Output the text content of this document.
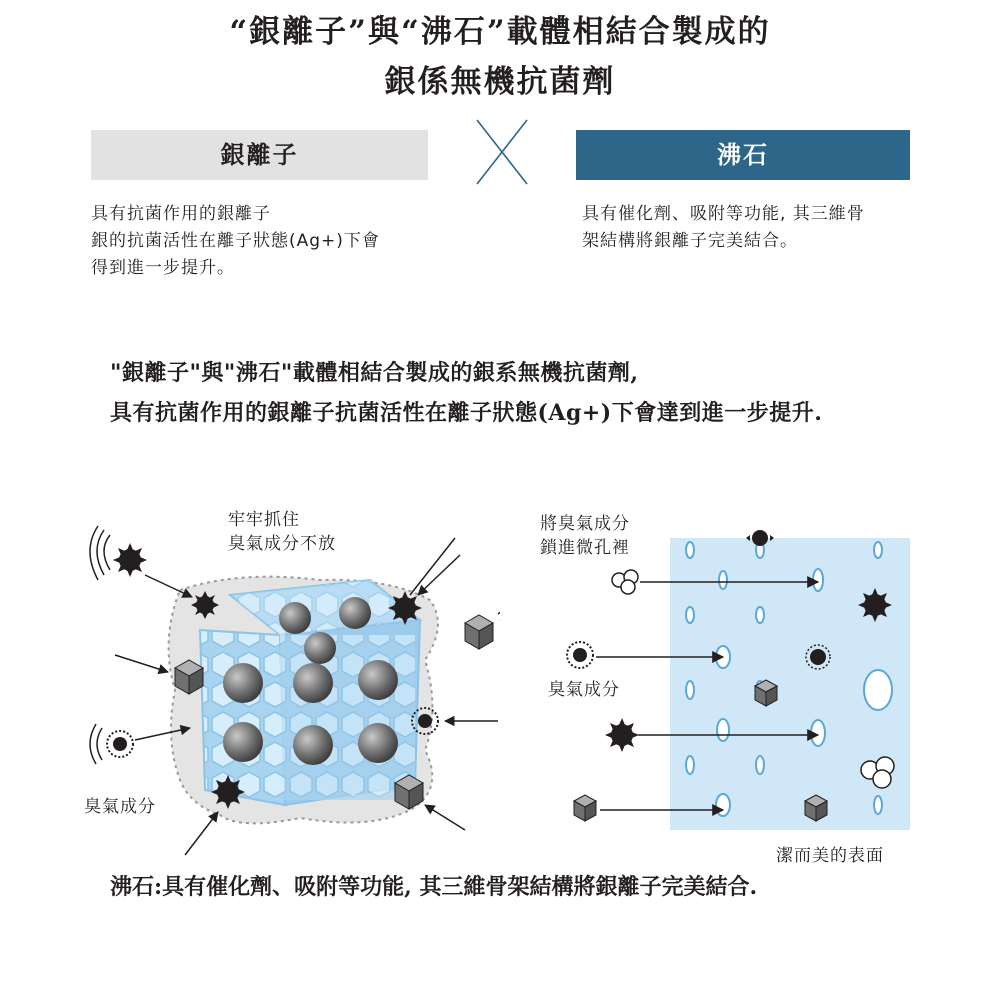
“銀離子”與“沸石”載體相結合製成的
銀係無機抗菌劑
銀離子	沸石
具有抗菌作用的銀離子
銀的抗菌活性在離子狀態(Ag+)下會
得到進一步提升。
具有催化劑、吸附等功能, 其三維骨
架結構將銀離子完美結合。
"銀離子"與"沸石"載體相結合製成的銀系無機抗菌劑,
具有抗菌作用的銀離子抗菌活性在離子狀態(Ag+)下會達到進一步提升.
牢牢抓住
臭氣成分不放
臭氣成分
將臭氣成分
鎖進微孔裡
臭氣成分
潔而美的表面
沸石:具有催化劑、吸附等功能, 其三維骨架結構將銀離子完美結合.
